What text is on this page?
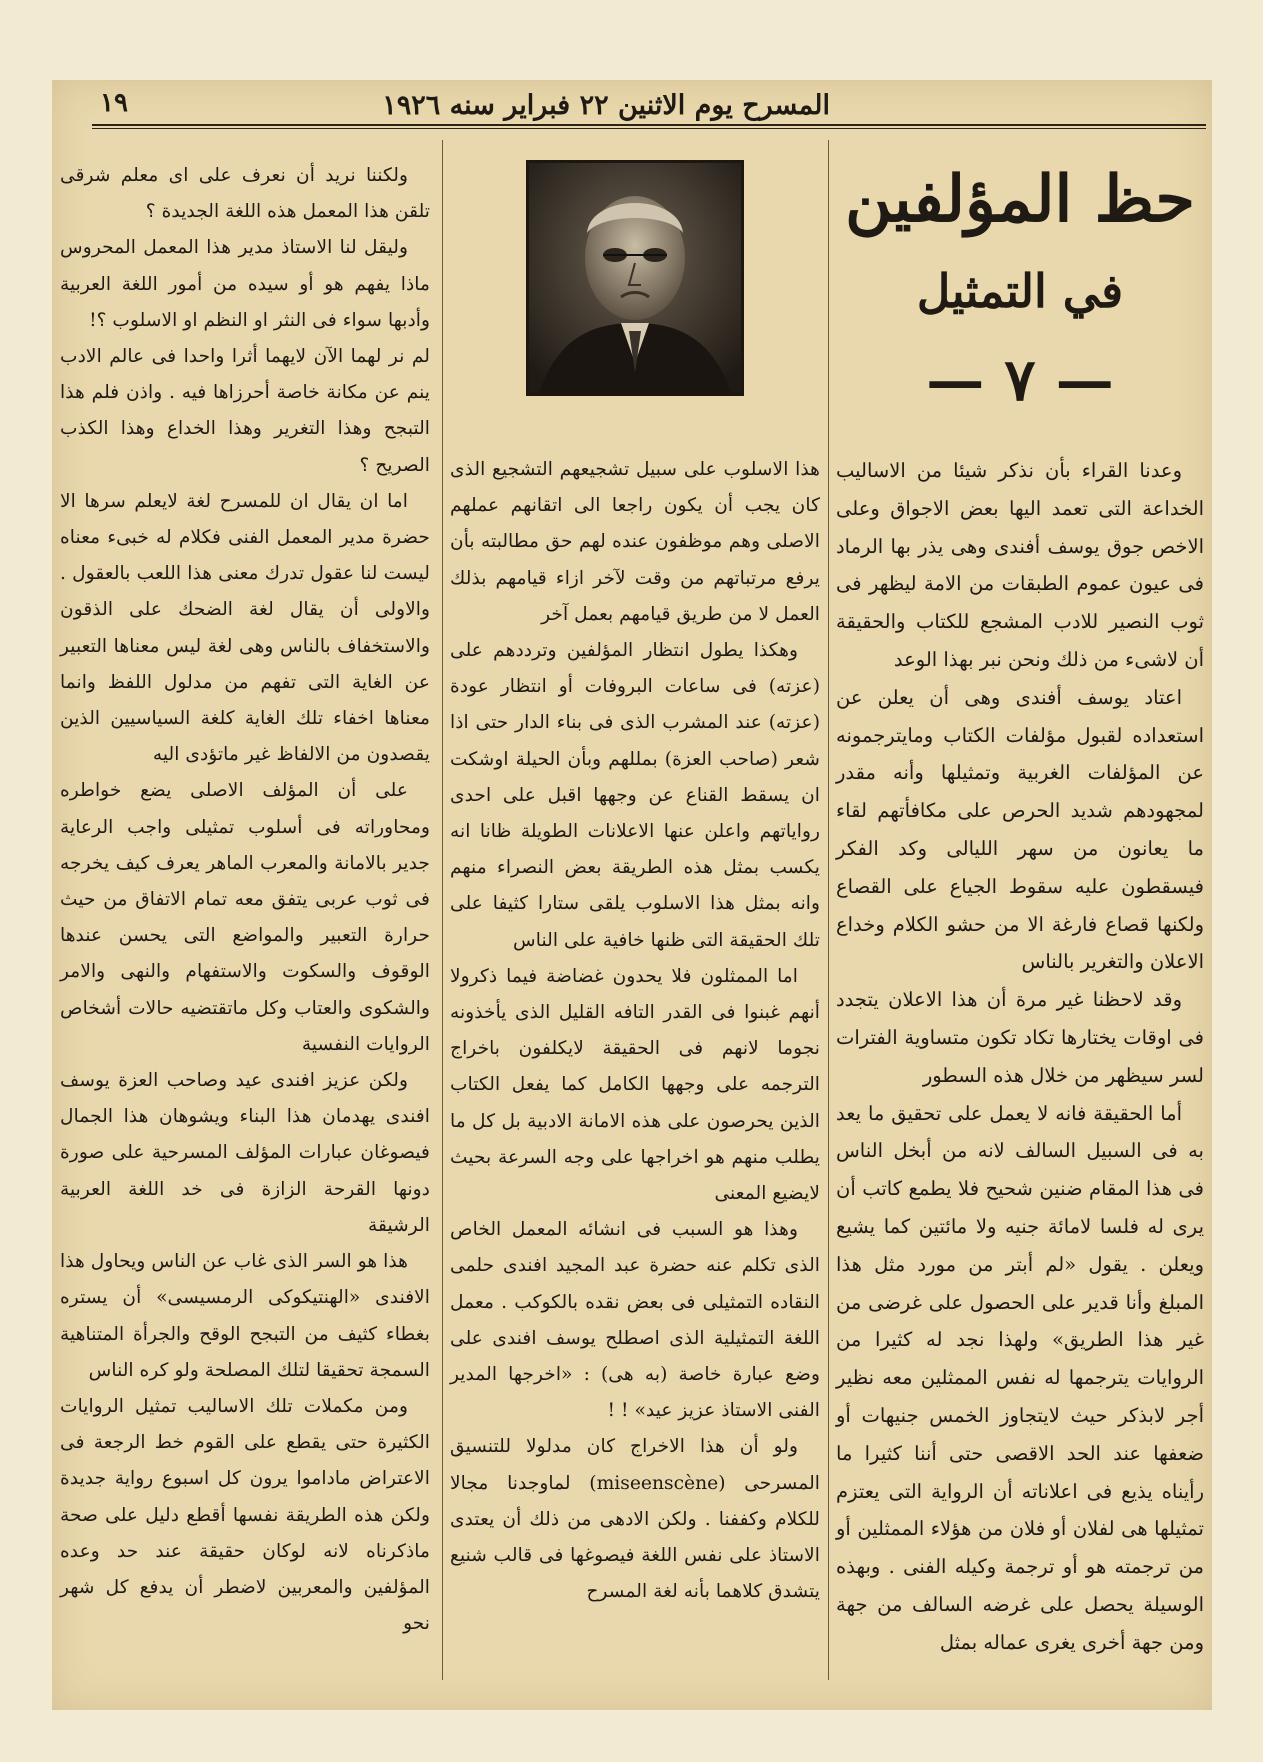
المسرح يوم الاثنين ٢٢ فبراير سنه ١٩٢٦
١٩
حظ المؤلفين
في التمثيل
— ٧ —

وعدنا القراء بأن نذكر شيئا من الاساليب الخداعة التى تعمد اليها بعض الاجواق وعلى الاخص جوق يوسف أفندى وهى يذر بها الرماد فى عيون عموم الطبقات من الامة ليظهر فى ثوب النصير للادب المشجع للكتاب والحقيقة أن لاشىء من ذلك ونحن نبر بهذا الوعد

اعتاد يوسف أفندى وهى أن يعلن عن استعداده لقبول مؤلفات الكتاب ومايترجمونه عن المؤلفات الغربية وتمثيلها وأنه مقدر لمجهودهم شديد الحرص على مكافأتهم لقاء ما يعانون من سهر الليالى وكد الفكر فيسقطون عليه سقوط الجياع على القصاع ولكنها قصاع فارغة الا من حشو الكلام وخداع الاعلان والتغرير بالناس

وقد لاحظنا غير مرة أن هذا الاعلان يتجدد فى اوقات يختارها تكاد تكون متساوية الفترات لسر سيظهر من خلال هذه السطور

أما الحقيقة فانه لا يعمل على تحقيق ما يعد به فى السبيل السالف لانه من أبخل الناس فى هذا المقام ضنين شحيح فلا يطمع كاتب أن يرى له فلسا لامائة جنيه ولا مائتين كما يشيع ويعلن . يقول «لم أبتر من مورد مثل هذا المبلغ وأنا قدير على الحصول على غرضى من غير هذا الطريق» ولهذا نجد له كثيرا من الروايات يترجمها له نفس الممثلين معه نظير أجر لابذكر حيث لايتجاوز الخمس جنيهات أو ضعفها عند الحد الاقصى حتى أننا كثيرا ما رأيناه يذيع فى اعلاناته أن الرواية التى يعتزم تمثيلها هى لفلان أو فلان من هؤلاء الممثلين أو من ترجمته هو أو ترجمة وكيله الفنى . وبهذه الوسيلة يحصل على غرضه السالف من جهة ومن جهة أخرى يغرى عماله بمثل

هذا الاسلوب على سبيل تشجيعهم التشجيع الذى كان يجب أن يكون راجعا الى اتقانهم عملهم الاصلى وهم موظفون عنده لهم حق مطالبته بأن يرفع مرتباتهم من وقت لآخر ازاء قيامهم بذلك العمل لا من طريق قيامهم بعمل آخر

وهكذا يطول انتظار المؤلفين وترددهم على (عزته) فى ساعات البروفات أو انتظار عودة (عزته) عند المشرب الذى فى بناء الدار حتى اذا شعر (صاحب العزة) بمللهم وبأن الحيلة اوشكت ان يسقط القناع عن وجهها اقبل على احدى رواياتهم واعلن عنها الاعلانات الطويلة ظانا انه يكسب بمثل هذه الطريقة بعض النصراء منهم وانه بمثل هذا الاسلوب يلقى ستارا كثيفا على تلك الحقيقة التى ظنها خافية على الناس

اما الممثلون فلا يحدون غضاضة فيما ذكرولا أنهم غبنوا فى القدر التافه القليل الذى يأخذونه نجوما لانهم فى الحقيقة لايكلفون باخراج الترجمه على وجهها الكامل كما يفعل الكتاب الذين يحرصون على هذه الامانة الادبية بل كل ما يطلب منهم هو اخراجها على وجه السرعة بحيث لايضيع المعنى

وهذا هو السبب فى انشائه المعمل الخاص الذى تكلم عنه حضرة عبد المجيد افندى حلمى النقاده التمثيلى فى بعض نقده بالكوكب . معمل اللغة التمثيلية الذى اصطلح يوسف افندى على وضع عبارة خاصة (به هى) : «اخرجها المدير الفنى الاستاذ عزيز عيد» ! !

ولو أن هذا الاخراج كان مدلولا للتنسيق المسرحى (miseenscène) لماوجدنا مجالا للكلام وكففنا . ولكن الادهى من ذلك أن يعتدى الاستاذ على نفس اللغة فيصوغها فى قالب شنيع يتشدق كلاهما بأنه لغة المسرح

ولكننا نريد أن نعرف على اى معلم شرقى تلقن هذا المعمل هذه اللغة الجديدة ؟

وليقل لنا الاستاذ مدير هذا المعمل المحروس ماذا يفهم هو أو سيده من أمور اللغة العربية وأدبها سواء فى النثر او النظم او الاسلوب ؟!

لم نر لهما الآن لايهما أثرا واحدا فى عالم الادب ينم عن مكانة خاصة أحرزاها فيه . واذن فلم هذا التبجح وهذا التغرير وهذا الخداع وهذا الكذب الصريح ؟

اما ان يقال ان للمسرح لغة لايعلم سرها الا حضرة مدير المعمل الفنى فكلام له خبىء معناه ليست لنا عقول تدرك معنى هذا اللعب بالعقول . والاولى أن يقال لغة الضحك على الذقون والاستخفاف بالناس وهى لغة ليس معناها التعبير عن الغاية التى تفهم من مدلول اللفظ وانما معناها اخفاء تلك الغاية كلغة السياسيين الذين يقصدون من الالفاظ غير ماتؤدى اليه

على أن المؤلف الاصلى يضع خواطره ومحاوراته فى أسلوب تمثيلى واجب الرعاية جدير بالامانة والمعرب الماهر يعرف كيف يخرجه فى ثوب عربى يتفق معه تمام الاتفاق من حيث حرارة التعبير والمواضع التى يحسن عندها الوقوف والسكوت والاستفهام والنهى والامر والشكوى والعتاب وكل ماتقتضيه حالات أشخاص الروايات النفسية

ولكن عزيز افندى عيد وصاحب العزة يوسف افندى يهدمان هذا البناء ويشوهان هذا الجمال فيصوغان عبارات المؤلف المسرحية على صورة دونها القرحة الزازة فى خد اللغة العربية الرشيقة

هذا هو السر الذى غاب عن الناس ويحاول هذا الافندى «الهنتيكوكى الرمسيسى» أن يستره بغطاء كثيف من التبجح الوقح والجرأة المتناهية السمجة تحقيقا لتلك المصلحة ولو كره الناس

ومن مكملات تلك الاساليب تمثيل الروايات الكثيرة حتى يقطع على القوم خط الرجعة فى الاعتراض ماداموا يرون كل اسبوع رواية جديدة ولكن هذه الطريقة نفسها أقطع دليل على صحة ماذكرناه لانه لوكان حقيقة عند حد وعده المؤلفين والمعربين لاضطر أن يدفع كل شهر نحو
